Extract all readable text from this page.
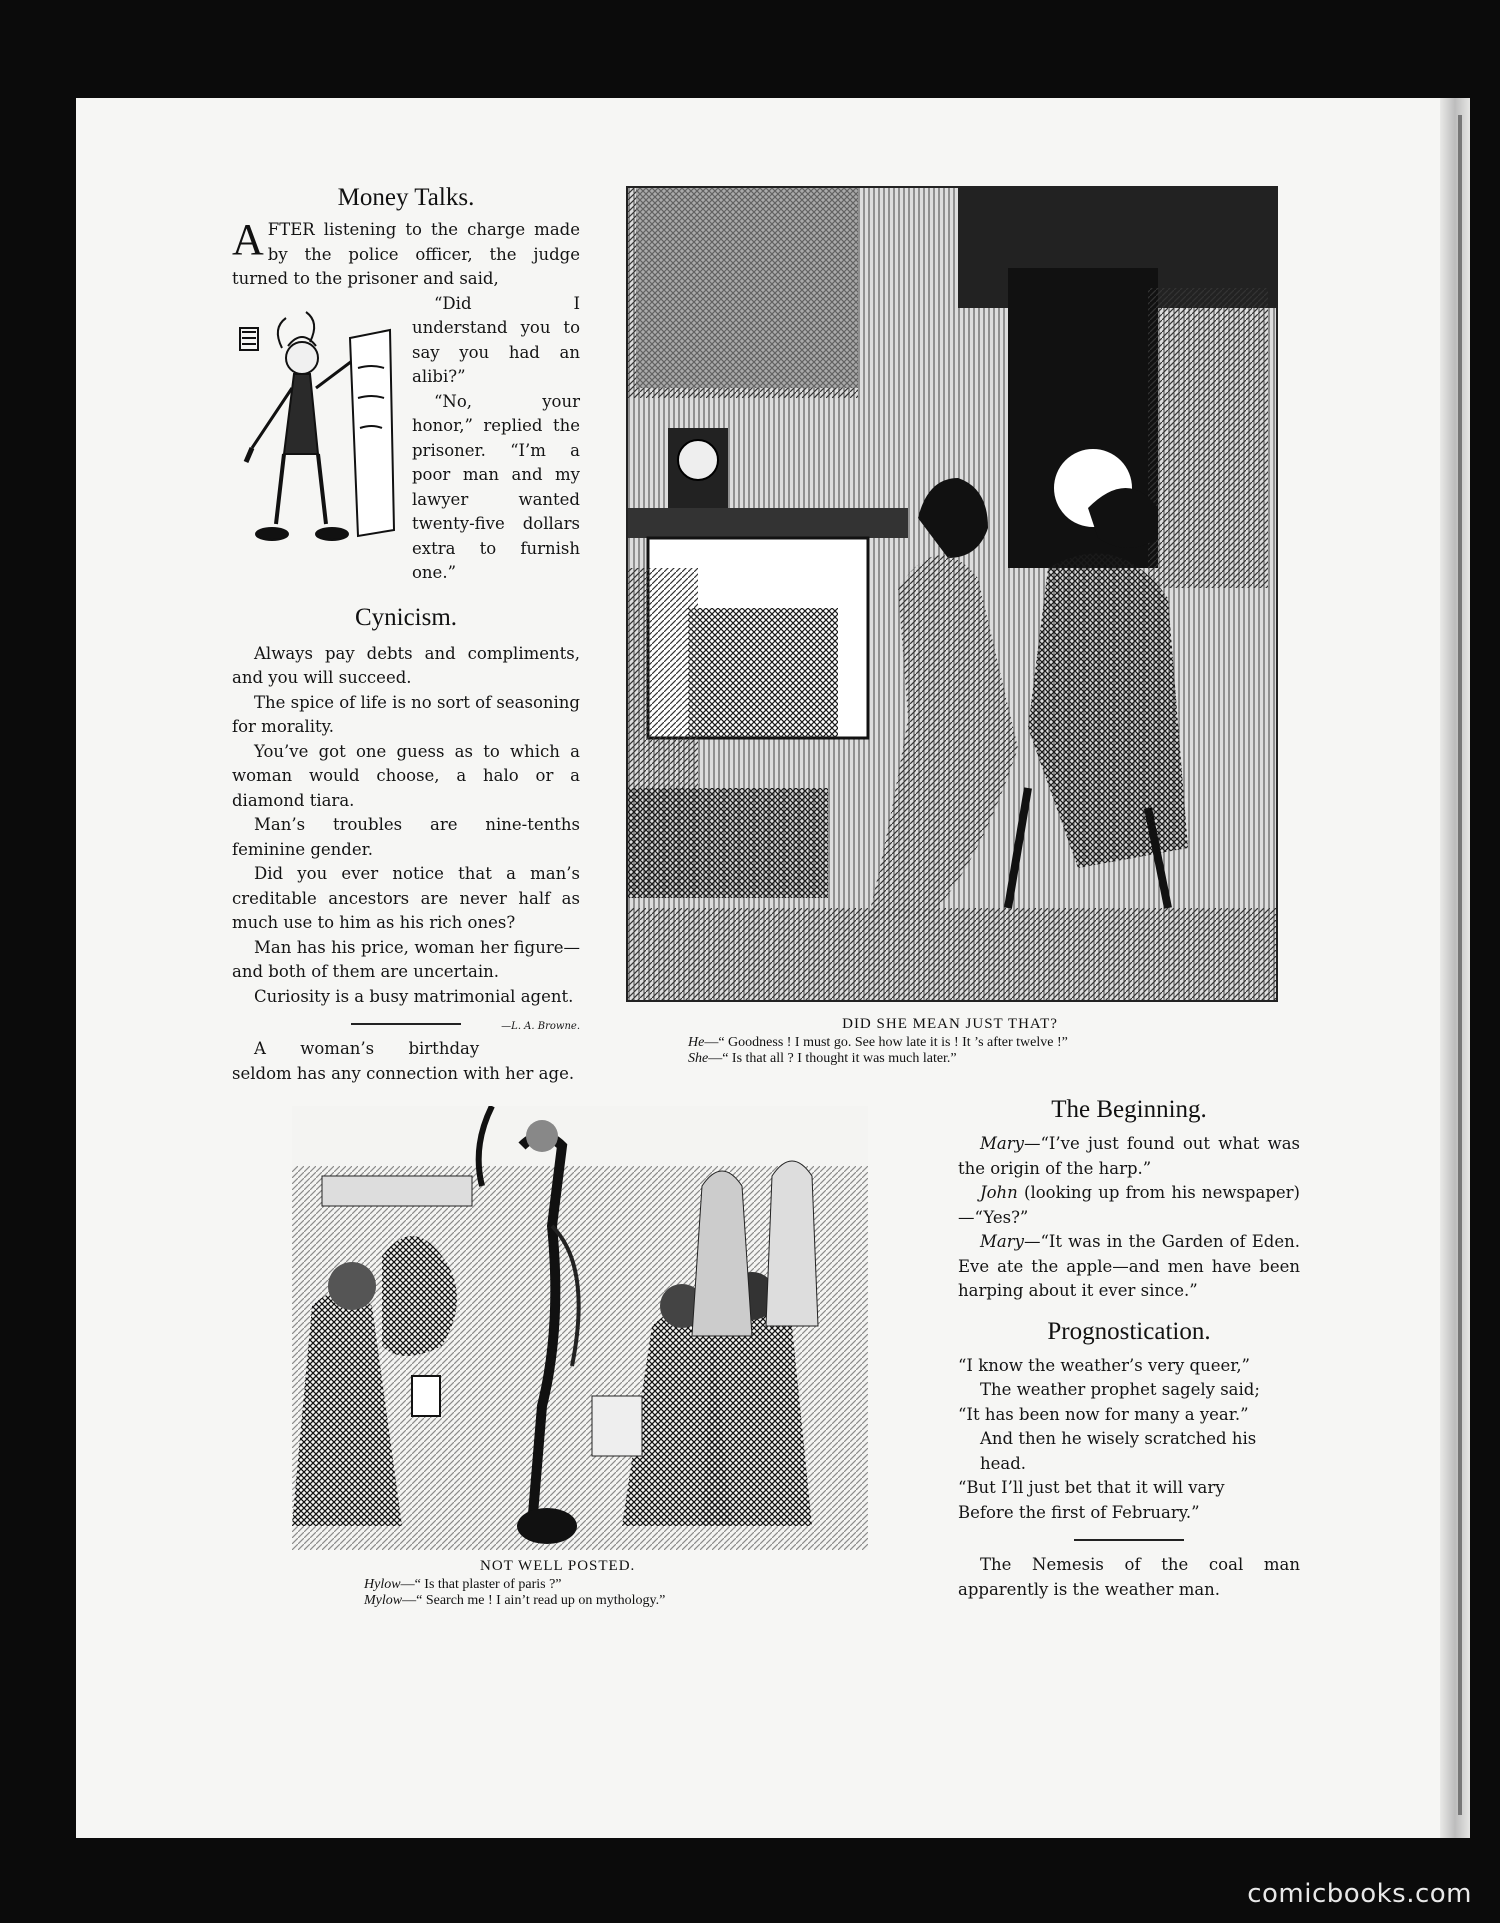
Money Talks.
A FTER listening to the charge made by the police officer, the judge turned to the prisoner and said,

“Did I understand you to say you had an alibi?”

“No, your honor,” replied the prisoner. “I’m a poor man and my lawyer wanted twenty-five dollars extra to furnish one.”

Cynicism.

Always pay debts and compliments, and you will succeed.

The spice of life is no sort of seasoning for morality.

You’ve got one guess as to which a woman would choose, a halo or a diamond tiara.

Man’s troubles are nine-tenths feminine gender.

Did you ever notice that a man’s creditable ancestors are never half as much use to him as his rich ones?

Man has his price, woman her figure—and both of them are uncertain.

Curiosity is a busy matrimonial agent.
—L. A. Browne.

A woman’s birthday seldom has any connection with her age.

DID SHE MEAN JUST THAT?
He—“ Goodness ! I must go. See how late it is ! It ’s after twelve !”
She—“ Is that all ? I thought it was much later.”
NOT WELL POSTED.
Hylow—“ Is that plaster of paris ?”
Mylow—“ Search me ! I ain’t read up on mythology.”
The Beginning.

Mary—“I’ve just found out what was the origin of the harp.”

John (looking up from his newspaper)—“Yes?”

Mary—“It was in the Garden of Eden. Eve ate the apple—and men have been harping about it ever since.”

Prognostication.

“I know the weather’s very queer,”

The weather prophet sagely said;

“It has been now for many a year.”

And then he wisely scratched his head.

“But I’ll just bet that it will vary

Before the first of February.”

The Nemesis of the coal man apparently is the weather man.

comicbooks.com
